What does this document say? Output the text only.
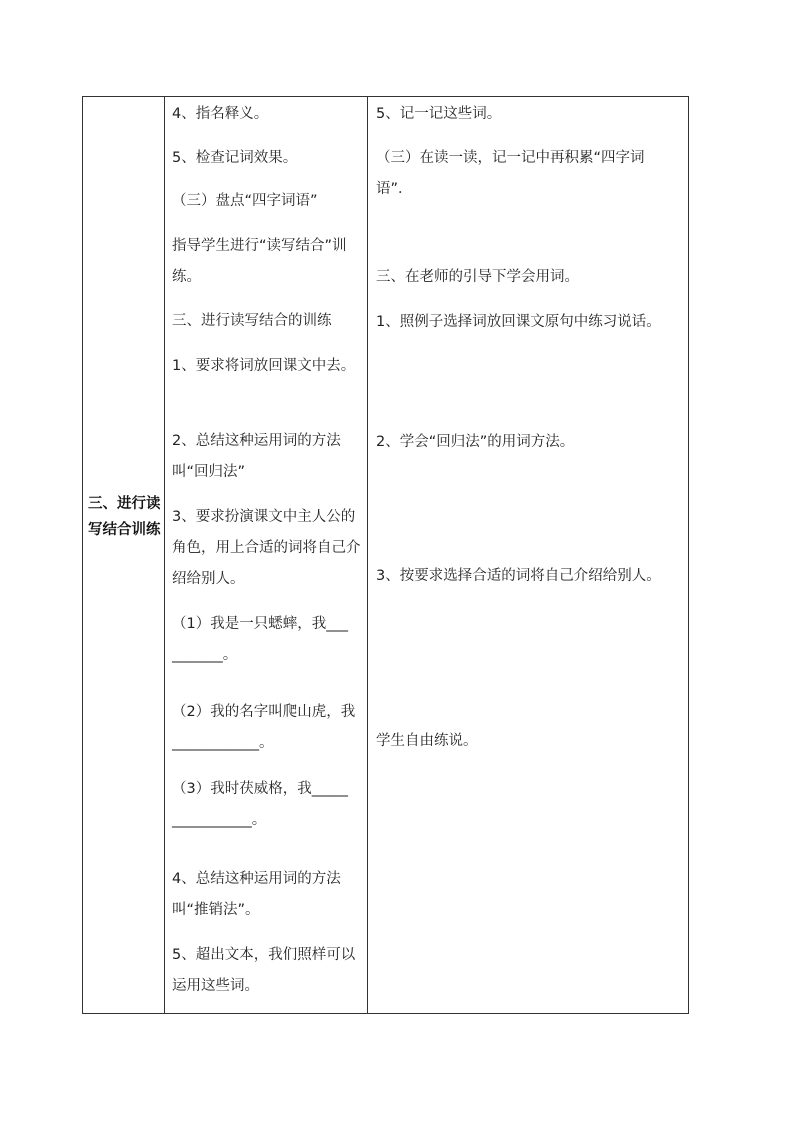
三、进行读写结合训练
4、指名释义。
5、检查记词效果。
（三）盘点“四字词语”
指导学生进行“读写结合”训练。
三、进行读写结合的训练
1、要求将词放回课文中去。
2、总结这种运用词的方法叫“回归法”
3、要求扮演课文中主人公的角色，用上合适的词将自己介绍给别人。
（1）我是一只蟋蟀，我___ _______。
（2）我的名字叫爬山虎，我____________。
（3）我时茯威格，我_____ ___________。
4、总结这种运用词的方法叫“推销法”。
5、超出文本，我们照样可以运用这些词。
5、记一记这些词。
（三）在读一读，记一记中再积累“四字词语”．
三、在老师的引导下学会用词。
1、照例子选择词放回课文原句中练习说话。
2、学会“回归法”的用词方法。
3、按要求选择合适的词将自己介绍给别人。
学生自由练说。
